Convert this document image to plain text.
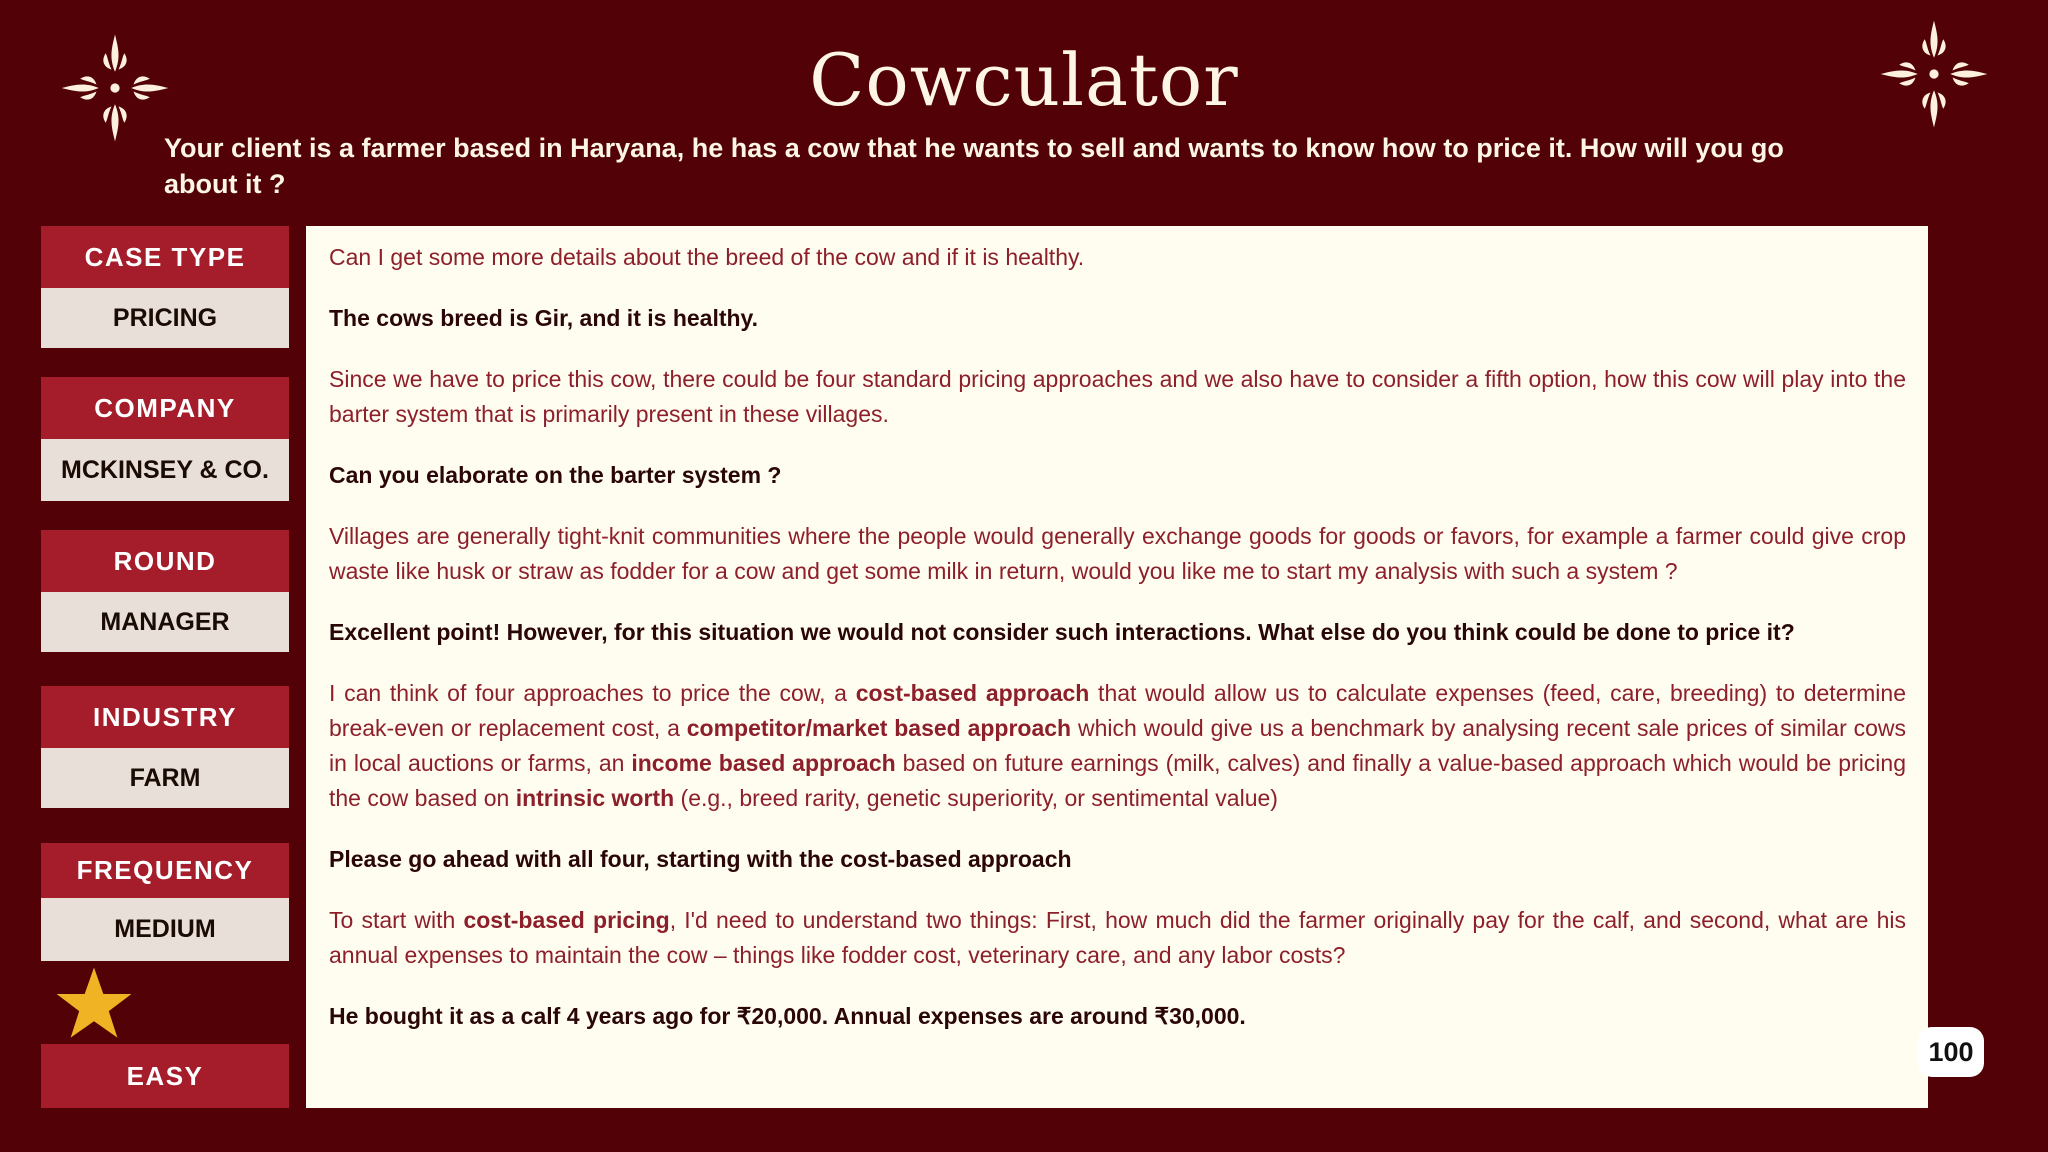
Cowculator
Your client is a farmer based in Haryana, he has a cow that he wants to sell and wants to know how to price it. How will you go about it ?
CASE TYPE
PRICING
COMPANY
MCKINSEY & CO.
ROUND
MANAGER
INDUSTRY
FARM
FREQUENCY
MEDIUM
EASY

Can I get some more details about the breed of the cow and if it is healthy.

The cows breed is Gir, and it is healthy.

Since we have to price this cow, there could be four standard pricing approaches and we also have to consider a fifth option, how this cow will play into the barter system that is primarily present in these villages.

Can you elaborate on the barter system ?

Villages are generally tight-knit communities where the people would generally exchange goods for goods or favors, for example a farmer could give crop waste like husk or straw as fodder for a cow and get some milk in return, would you like me to start my analysis with such a system ?

Excellent point! However, for this situation we would not consider such interactions. What else do you think could be done to price it?

I can think of four approaches to price the cow, a cost-based approach that would allow us to calculate expenses (feed, care, breeding) to determine break-even or replacement cost, a competitor/market based approach which would give us a benchmark by analysing recent sale prices of similar cows in local auctions or farms, an income based approach based on future earnings (milk, calves) and finally a value-based approach which would be pricing the cow based on intrinsic worth (e.g., breed rarity, genetic superiority, or sentimental value)

Please go ahead with all four, starting with the cost-based approach

To start with cost-based pricing, I'd need to understand two things: First, how much did the farmer originally pay for the calf, and second, what are his annual expenses to maintain the cow – things like fodder cost, veterinary care, and any labor costs?

He bought it as a calf 4 years ago for ₹20,000. Annual expenses are around ₹30,000.

100
